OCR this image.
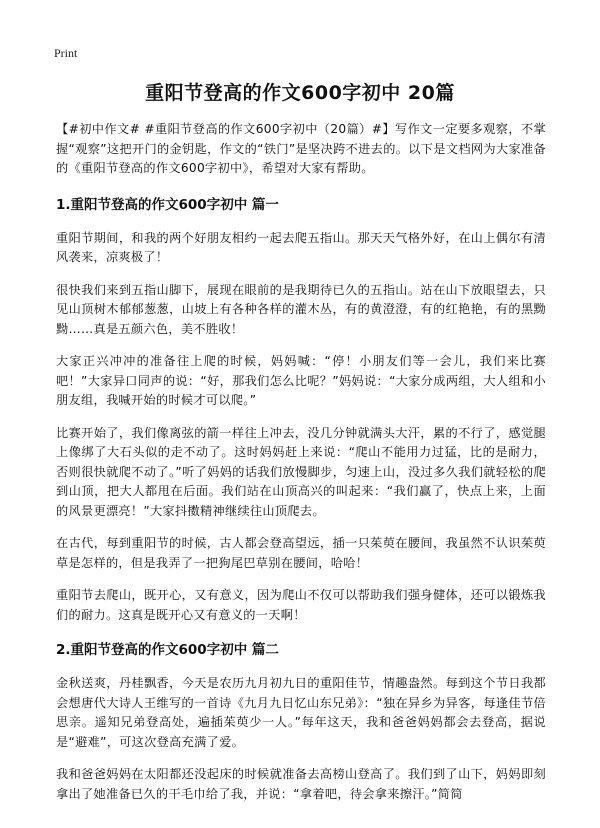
Print
重阳节登高的作文600字初中 20篇

【#初中作文# #重阳节登高的作文600字初中（20篇）#】写作文一定要多观察，不掌握“观察”这把开门的金钥匙，作文的“铁门”是坚决跨不进去的。以下是文档网为大家准备的《重阳节登高的作文600字初中》，希望对大家有帮助。

1.重阳节登高的作文600字初中 篇一

重阳节期间，和我的两个好朋友相约一起去爬五指山。那天天气格外好，在山上偶尔有清风袭来，凉爽极了！

很快我们来到五指山脚下，展现在眼前的是我期待已久的五指山。站在山下放眼望去，只见山顶树木郁郁葱葱，山坡上有各种各样的灌木丛，有的黄澄澄，有的红艳艳，有的黑黝黝……真是五颜六色，美不胜收！

大家正兴冲冲的准备往上爬的时候，妈妈喊：“停！小朋友们等一会儿，我们来比赛吧！”大家异口同声的说：“好，那我们怎么比呢？”妈妈说：“大家分成两组，大人组和小朋友组，我喊开始的时候才可以爬。”

比赛开始了，我们像离弦的箭一样往上冲去，没几分钟就满头大汗，累的不行了，感觉腿上像绑了大石头似的走不动了。这时妈妈赶上来说：“爬山不能用力过猛，比的是耐力，否则很快就爬不动了。”听了妈妈的话我们放慢脚步，匀速上山，没过多久我们就轻松的爬到山顶，把大人都甩在后面。我们站在山顶高兴的叫起来：“我们赢了，快点上来，上面的风景更漂亮！”大家抖擞精神继续往山顶爬去。

在古代，每到重阳节的时候，古人都会登高望远，插一只茱萸在腰间，我虽然不认识茱萸草是怎样的，但是我弄了一把狗尾巴草别在腰间，哈哈！

重阳节去爬山，既开心，又有意义，因为爬山不仅可以帮助我们强身健体，还可以锻炼我们的耐力。这真是既开心又有意义的一天啊！

2.重阳节登高的作文600字初中 篇二

金秋送爽，丹桂飘香，今天是农历九月初九日的重阳佳节，情趣盎然。每到这个节日我都会想唐代大诗人王维写的一首诗《九月九日忆山东兄弟》：“独在异乡为异客，每逢佳节倍思亲。遥知兄弟登高处，遍插茱萸少一人。”每年这天，我和爸爸妈妈都会去登高，据说是“避难”，可这次登高充满了爱。

我和爸爸妈妈在太阳都还没起床的时候就准备去高榜山登高了。我们到了山下，妈妈即刻拿出了她准备已久的干毛巾给了我，并说：“拿着吧，待会拿来擦汗。”简简
